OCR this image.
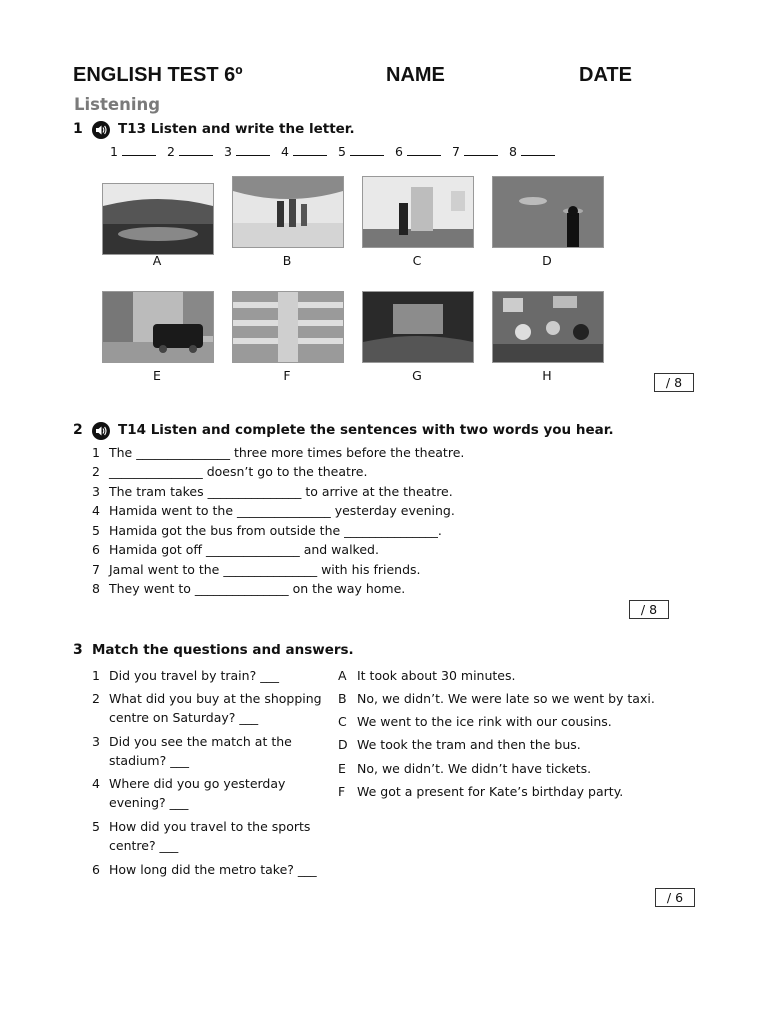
ENGLISH TEST 6º	NAME	DATE
Listening
1	T13 Listen and write the letter.
1	2	3	4	5	6	7	8
A	B	C	D
E	F	G	H	/ 8
2	T14 Listen and complete the sentences with two words you hear.
1 The _______________ three more times before the theatre.
2 _______________ doesn’t go to the theatre.
3 The tram takes _______________ to arrive at the theatre.
4 Hamida went to the _______________ yesterday evening.
5 Hamida got the bus from outside the _______________.
6 Hamida got off _______________ and walked.
7 Jamal went to the _______________ with his friends.
8 They went to _______________ on the way home.
/ 8
3 Match the questions and answers.
1 Did you travel by train? ___
2 What did you buy at the shopping centre on Saturday? ___
3 Did you see the match at the stadium? ___
4 Where did you go yesterday evening? ___
5 How did you travel to the sports centre? ___
6 How long did the metro take? ___
A It took about 30 minutes.
B No, we didn’t. We were late so we went by taxi.
C We went to the ice rink with our cousins.
D We took the tram and then the bus.
E No, we didn’t. We didn’t have tickets.
F We got a present for Kate’s birthday party.
/ 6
